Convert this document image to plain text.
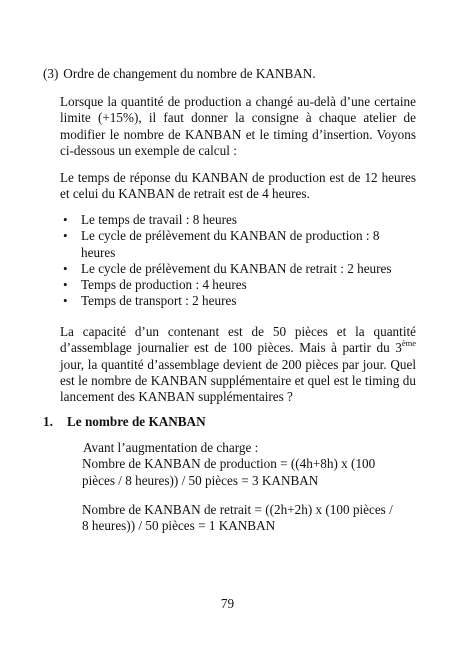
(3) Ordre de changement du nombre de KANBAN.

Lorsque la quantité de production a changé au-delà d’une certaine limite (+15%), il faut donner la consigne à chaque atelier de modifier le nombre de KANBAN et le timing d’insertion. Voyons ci-dessous un exemple de calcul :

Le temps de réponse du KANBAN de production est de 12 heures et celui du KANBAN de retrait est de 4 heures.

• Le temps de travail : 8 heures
• Le cycle de prélèvement du KANBAN de production : 8 heures
• Le cycle de prélèvement du KANBAN de retrait : 2 heures
• Temps de production : 4 heures
• Temps de transport : 2 heures

La capacité d’un contenant est de 50 pièces et la quantité d’assemblage journalier est de 100 pièces. Mais à partir du 3ème jour, la quantité d’assemblage devient de 200 pièces par jour. Quel est le nombre de KANBAN supplémentaire et quel est le timing du lancement des KANBAN supplémentaires ?

1. Le nombre de KANBAN

Avant l’augmentation de charge :
Nombre de KANBAN de production = ((4h+8h) x (100 pièces / 8 heures)) / 50 pièces = 3 KANBAN

Nombre de KANBAN de retrait = ((2h+2h) x (100 pièces / 8 heures)) / 50 pièces = 1 KANBAN

79
